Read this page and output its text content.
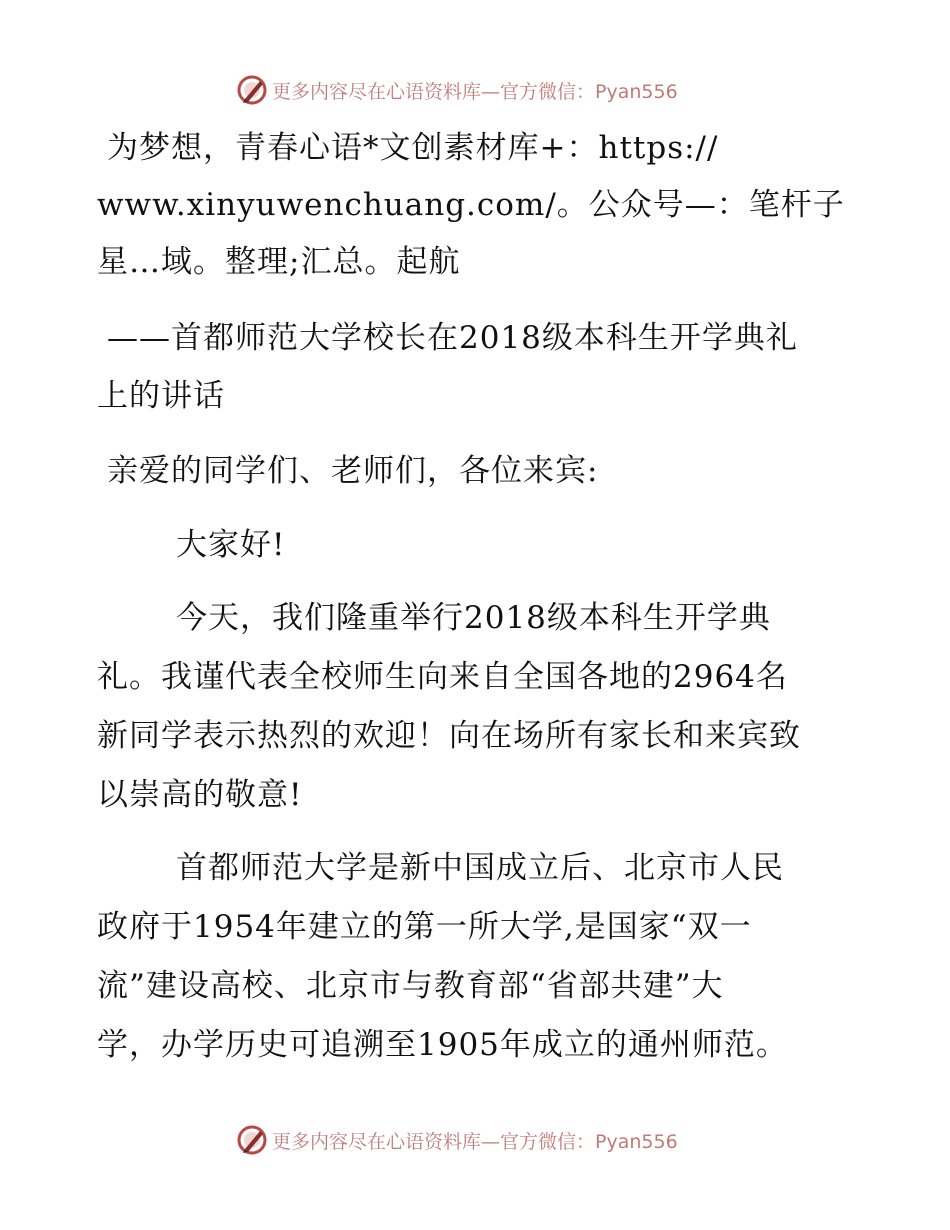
更多内容尽在心语资料库—官方微信：Pyan556
为梦想，青春心语*文创素材库+：https://
www.xinyuwenchuang.com/。公众号—：笔杆子
星…域。整理;汇总。起航
——首都师范大学校长在2018级本科生开学典礼
上的讲话
亲爱的同学们、老师们，各位来宾:
大家好!
今天，我们隆重举行2018级本科生开学典
礼。我谨代表全校师生向来自全国各地的2964名
新同学表示热烈的欢迎！向在场所有家长和来宾致
以崇高的敬意!
首都师范大学是新中国成立后、北京市人民
政府于1954年建立的第一所大学,是国家“双一
流”建设高校、北京市与教育部“省部共建”大
学，办学历史可追溯至1905年成立的通州师范。
更多内容尽在心语资料库—官方微信：Pyan556
